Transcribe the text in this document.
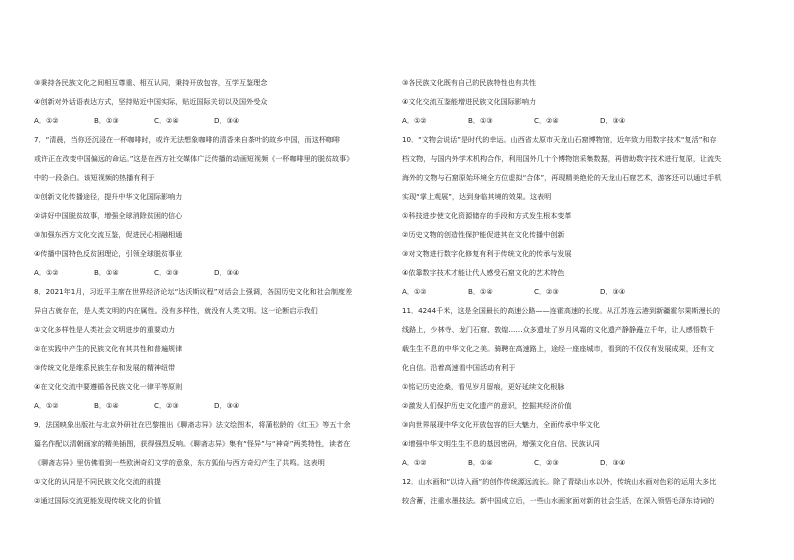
③秉持各民族文化之间相互尊重、相互认同，秉持开放包容，互学互鉴理念
④创新对外话语表达方式，坚持贴近中国实际，贴近国际关切以及国外受众
A．①②	B．①③	C．②④	D．③④
7．“清晨，当你还沉浸在一杯咖啡时，或许无法想象咖啡的清香来自茶叶的故乡中国，而这杯咖啡
或许正在改变中国偏远的命运。”这是在西方社交媒体广泛传播的动画短视频《一杯咖啡里的脱贫故事》
中的一段条白。该短视频的热播有利于
①创新文化传播途径，提升中华文化国际影响力
②讲好中国脱贫故事，增强全球消除贫困的信心
③加强东西方文化交流互鉴，促进民心相融相通
④传播中国特色反贫困理论，引领全球脱贫事业
A．①②	B．①④	C．②③	D．③④
8．2021年1月，习近平主席在世界经济论坛“达沃斯议程”对话会上强调，各国历史文化和社会制度差
异自古就存在，是人类文明的内在属性。没有多样性，就没有人类文明。这一论断启示我们
①文化多样性是人类社会文明进步的重要动力
②在实践中产生的民族文化有其共性和普遍规律
③传统文化是维系民族生存和发展的精神纽带
④在文化交流中要遵循各民族文化一律平等原则
A．①②	B．①④	C．②③	D．③④
9．法国映象出版社与北京外研社在巴黎推出《聊斋志异》法文绘图本，将蒲松龄的《红玉》等五十余
篇名作配以清朝画家的精美插图，获得强烈反响。《聊斋志异》集有“怪异”与“神奇”两类特性，读者在
《聊斋志异》里仿佛看到一些欧洲奇幻文学的意象，东方狐仙与西方奇幻产生了共鸣。这表明
①文化的认同是不同民族文化交流的前提
②通过国际交流更能发现传统文化的价值
③各民族文化既有自己的民族特性也有共性
④文化交流互鉴能增进民族文化国际影响力
A．①②	B．①③	C．②④	D．③④
10．“文物会说话”是时代的幸运。山西省太原市天龙山石窟博物馆，近年致力用数字技术“复活”和存
档文物，与国内外学术机构合作，利用国外几十个博物馆采集数据，再借助数字技术进行复原，让流失
海外的文物与石窟原始环境全方位虚拟“合体”，再现精美绝伦的天龙山石窟艺术，游客还可以通过手机
实现“掌上观展”，达到身临其境的效果。这表明
①科技进步使文化资源储存的手段和方式发生根本变革
②历史文物的创造性保护能促进其在文化传播中创新
③对文物进行数字化修复有利于传统文化的传承与发展
④依靠数字技术才能让代人感受石窟文化的艺术特色
A．①②	B．①④	C．②③	D．③④
11．4244千米，这是全国最长的高速公路——连霍高速的长度。从江苏连云港到新疆霍尔果斯漫长的
线路上，少林寺、龙门石窟、敦煌……众多遗址了岁月风霜的文化遗产静静矗立千年，让人感悟数千
载生生不息的中华文化之美。骑聘在高速路上，途经一座座城市，看到的不仅仅有发展成果，还有文
化自信。沿着高速看中国活动有利于
①铭记历史沧桑，看见岁月留痕，更好延续文化根脉
②激发人们保护历史文化遗产的意识，挖掘其经济价值
③向世界展现中华文化开放包容的巨大魅力，全面传承中华文化
④增强中华文明生生不息的基因密码，增强文化自信、民族认同
A．①②	B．①④	C．②③	D．③④
12．山水画和“以诗入画”的创作传统源远流长。除了青绿山水以外，传统山水画对色彩的运用大多比
较含蓄，注重水墨技法。新中国成立后，一些山水画家面对新的社会生活，在深入领悟毛泽东诗词的
